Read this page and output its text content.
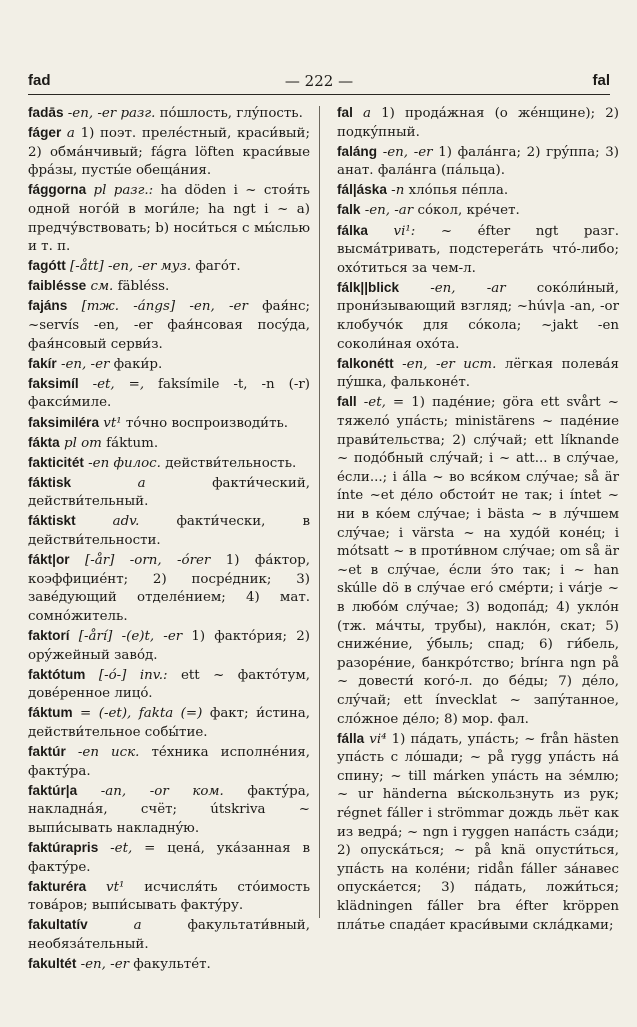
fad	— 222 —	fal

fadās -en, -er разг. пóшлость, глýпость.

fáger a 1) поэт. прелéстный, краси́вый; 2) обмáнчивый; fágra löften краси́вые фрáзы, пусты́е обещáния.

fággorna pl разг.: ha döden i ~ стоя́ть одной ногóй в моги́ле; ha ngt i ~ а) предчýвствовать; b) носи́ться с мы́слью и т. п.

fagótt [-ått] -en, -er муз. фагóт.

faiblésse см. fäbléss.

fajáns [тж. -ángs] -en, -er фая́нс; ~servís -en, -er фая́нсовая посýда, фая́нсовый серви́з.

fakír -en, -er факи́р.

faksimíl -et, =, faksímile -t, -n (-r) факси́миле.

faksimiléra vt¹ тóчно воспроизводи́ть.

fákta pl om fáktum.

fakticitét -en филос. действи́тельность.

fáktisk a факти́ческий, действи́тельный.

fáktiskt adv. факти́чески, в действи́тельности.

fákt|or [-år] -orn, -órer 1) фáктор, коэффициéнт; 2) посрéдник; 3) завéдующий отделéнием; 4) мат. сомнóжитель.

faktorí [-årí] -(e)t, -er 1) фактóрия; 2) орýжейный завóд.

faktótum [-ó-] inv.: ett ~ фактóтум, довéренное лицó.

fáktum = (-et), fakta (=) факт; и́стина, действи́тельное собы́тие.

faktúr -en иск. тéхника исполнéния, фактýра.

faktúr|a -an, -or ком. фактýра, накладнáя, счёт; útskriva ~ выпи́сывать накладнýю.

faktúrapris -et, = ценá, укáзанная в фактýре.

fakturéra vt¹ исчисля́ть стóимость товáров; выпи́сывать фактýру.

fakultatív a факультати́вный, необязáтельный.

fakultét -en, -er факультéт.

fal a 1) продáжная (о жéнщине); 2) подкýпный.

faláng -en, -er 1) фалáнга; 2) грýппа; 3) анат. фалáнга (пáльца).

fál|áska -n хлóпья пéпла.

falk -en, -ar сóкол, крéчет.

fálka vi¹: ~ éfter ngt разг. высмáтривать, подстерегáть чтó-либо; охóтиться за чем-л.

fálk||blick -en, -ar сокóли́ный, прони́зывающий взгляд; ~húv|a -an, -or клобучóк для сóкола; ~jakt -en соколи́ная охóта.

falkonétt -en, -er ист. лёгкая полевáя пýшка, фальконéт.

fall -et, = 1) падéние; göra ett svårt ~ тяжелó упáсть; ministärens ~ падéние прави́тельства; 2) слýчай; ett líknande ~ подóбный слýчай; i ~ att... в слýчае, éсли...; i álla ~ во вся́ком слýчае; så är ínte ~et дéло обстои́т не так; i íntet ~ ни в кóем слýчае; i bästa ~ в лýчшем слýчае; i värsta ~ на худóй конéц; i mótsatt ~ в проти́вном слýчае; om så är ~et в слýчае, éсли э́то так; i ~ han skúlle dö в слýчае егó смéрти; i várje ~ в любóм слýчае; 3) водопáд; 4) уклóн (тж. мáчты, трубы), наклóн, скат; 5) снижéние, ýбыль; спад; 6) ги́бель, разорéние, банкрóтство; bríнга ngn på ~ довести́ когó-л. до бéды; 7) дéло, слýчай; ett ínvecklat ~ запýтанное, слóжное дéло; 8) мор. фал.

fálla vi⁴ 1) пáдать, упáсть; ~ från hästen упáсть с лóшади; ~ på rygg упáсть нá спину; ~ till márken упáсть на зéмлю; ~ ur händerna вы́скользнуть из рук; régnet fáller i strömmar дождь льёт как из ведрá; ~ ngn i ryggen напáсть сзáди; 2) опускáться; ~ på knä опусти́ться, упáсть на колéни; ridån fáller зáнавес опускáется; 3) пáдать, ложи́ться; klädningen fáller bra éfter kröppen плáтье спадáет краси́выми склáдками;
